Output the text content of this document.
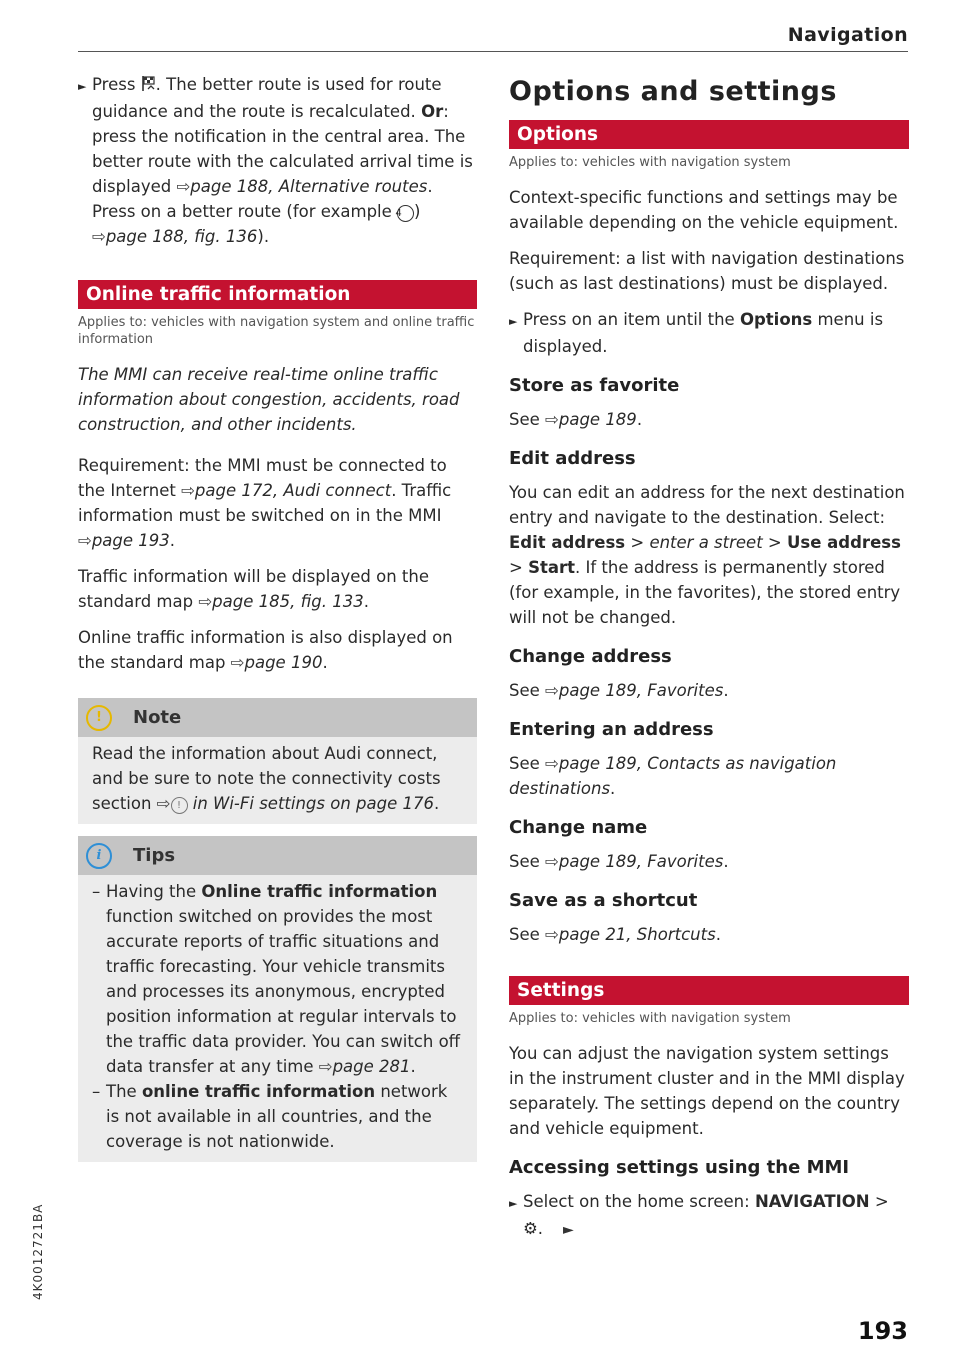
Navigation

► Press . The better route is used for route guidance and the route is recalculated. Or: press the notification in the central area. The better route with the calculated arrival time is displayed ⇨page 188, Alternative routes. Press on a better route (for example 4 ) ⇨page 188, fig. 136).

Online traffic information

Applies to: vehicles with navigation system and online traffic information

The MMI can receive real-time online traffic information about congestion, accidents, road construction, and other incidents.

Requirement: the MMI must be connected to the Internet ⇨page 172, Audi connect. Traffic information must be switched on in the MMI ⇨page 193.

Traffic information will be displayed on the standard map ⇨page 185, fig. 133.

Online traffic information is also displayed on the standard map ⇨page 190.

!	Note

Read the information about Audi connect, and be sure to note the connectivity costs section ⇨ ! in Wi-Fi settings on page 176.

i	Tips

– Having the Online traffic information function switched on provides the most accurate reports of traffic situations and traffic forecasting. Your vehicle transmits and processes its anonymous, encrypted position information at regular intervals to the traffic data provider. You can switch off data transfer at any time ⇨page 281.

– The online traffic information network is not available in all countries, and the coverage is not nationwide.

Options and settings
Options

Applies to: vehicles with navigation system

Context-specific functions and settings may be available depending on the vehicle equipment.

Requirement: a list with navigation destinations (such as last destinations) must be displayed.

► Press on an item until the Options menu is displayed.

Store as favorite

See ⇨page 189.

Edit address

You can edit an address for the next destination entry and navigate to the destination. Select: Edit address > enter a street > Use address > Start. If the address is permanently stored (for example, in the favorites), the stored entry will not be changed.

Change address

See ⇨page 189, Favorites.

Entering an address

See ⇨page 189, Contacts as navigation destinations.

Change name

See ⇨page 189, Favorites.

Save as a shortcut

See ⇨page 21, Shortcuts.

Settings

Applies to: vehicles with navigation system

You can adjust the navigation system settings in the instrument cluster and in the MMI display separately. The settings depend on the country and vehicle equipment.

Accessing settings using the MMI

► Select on the home screen: NAVIGATION > ⚙. ►

4K0012721BA
193
